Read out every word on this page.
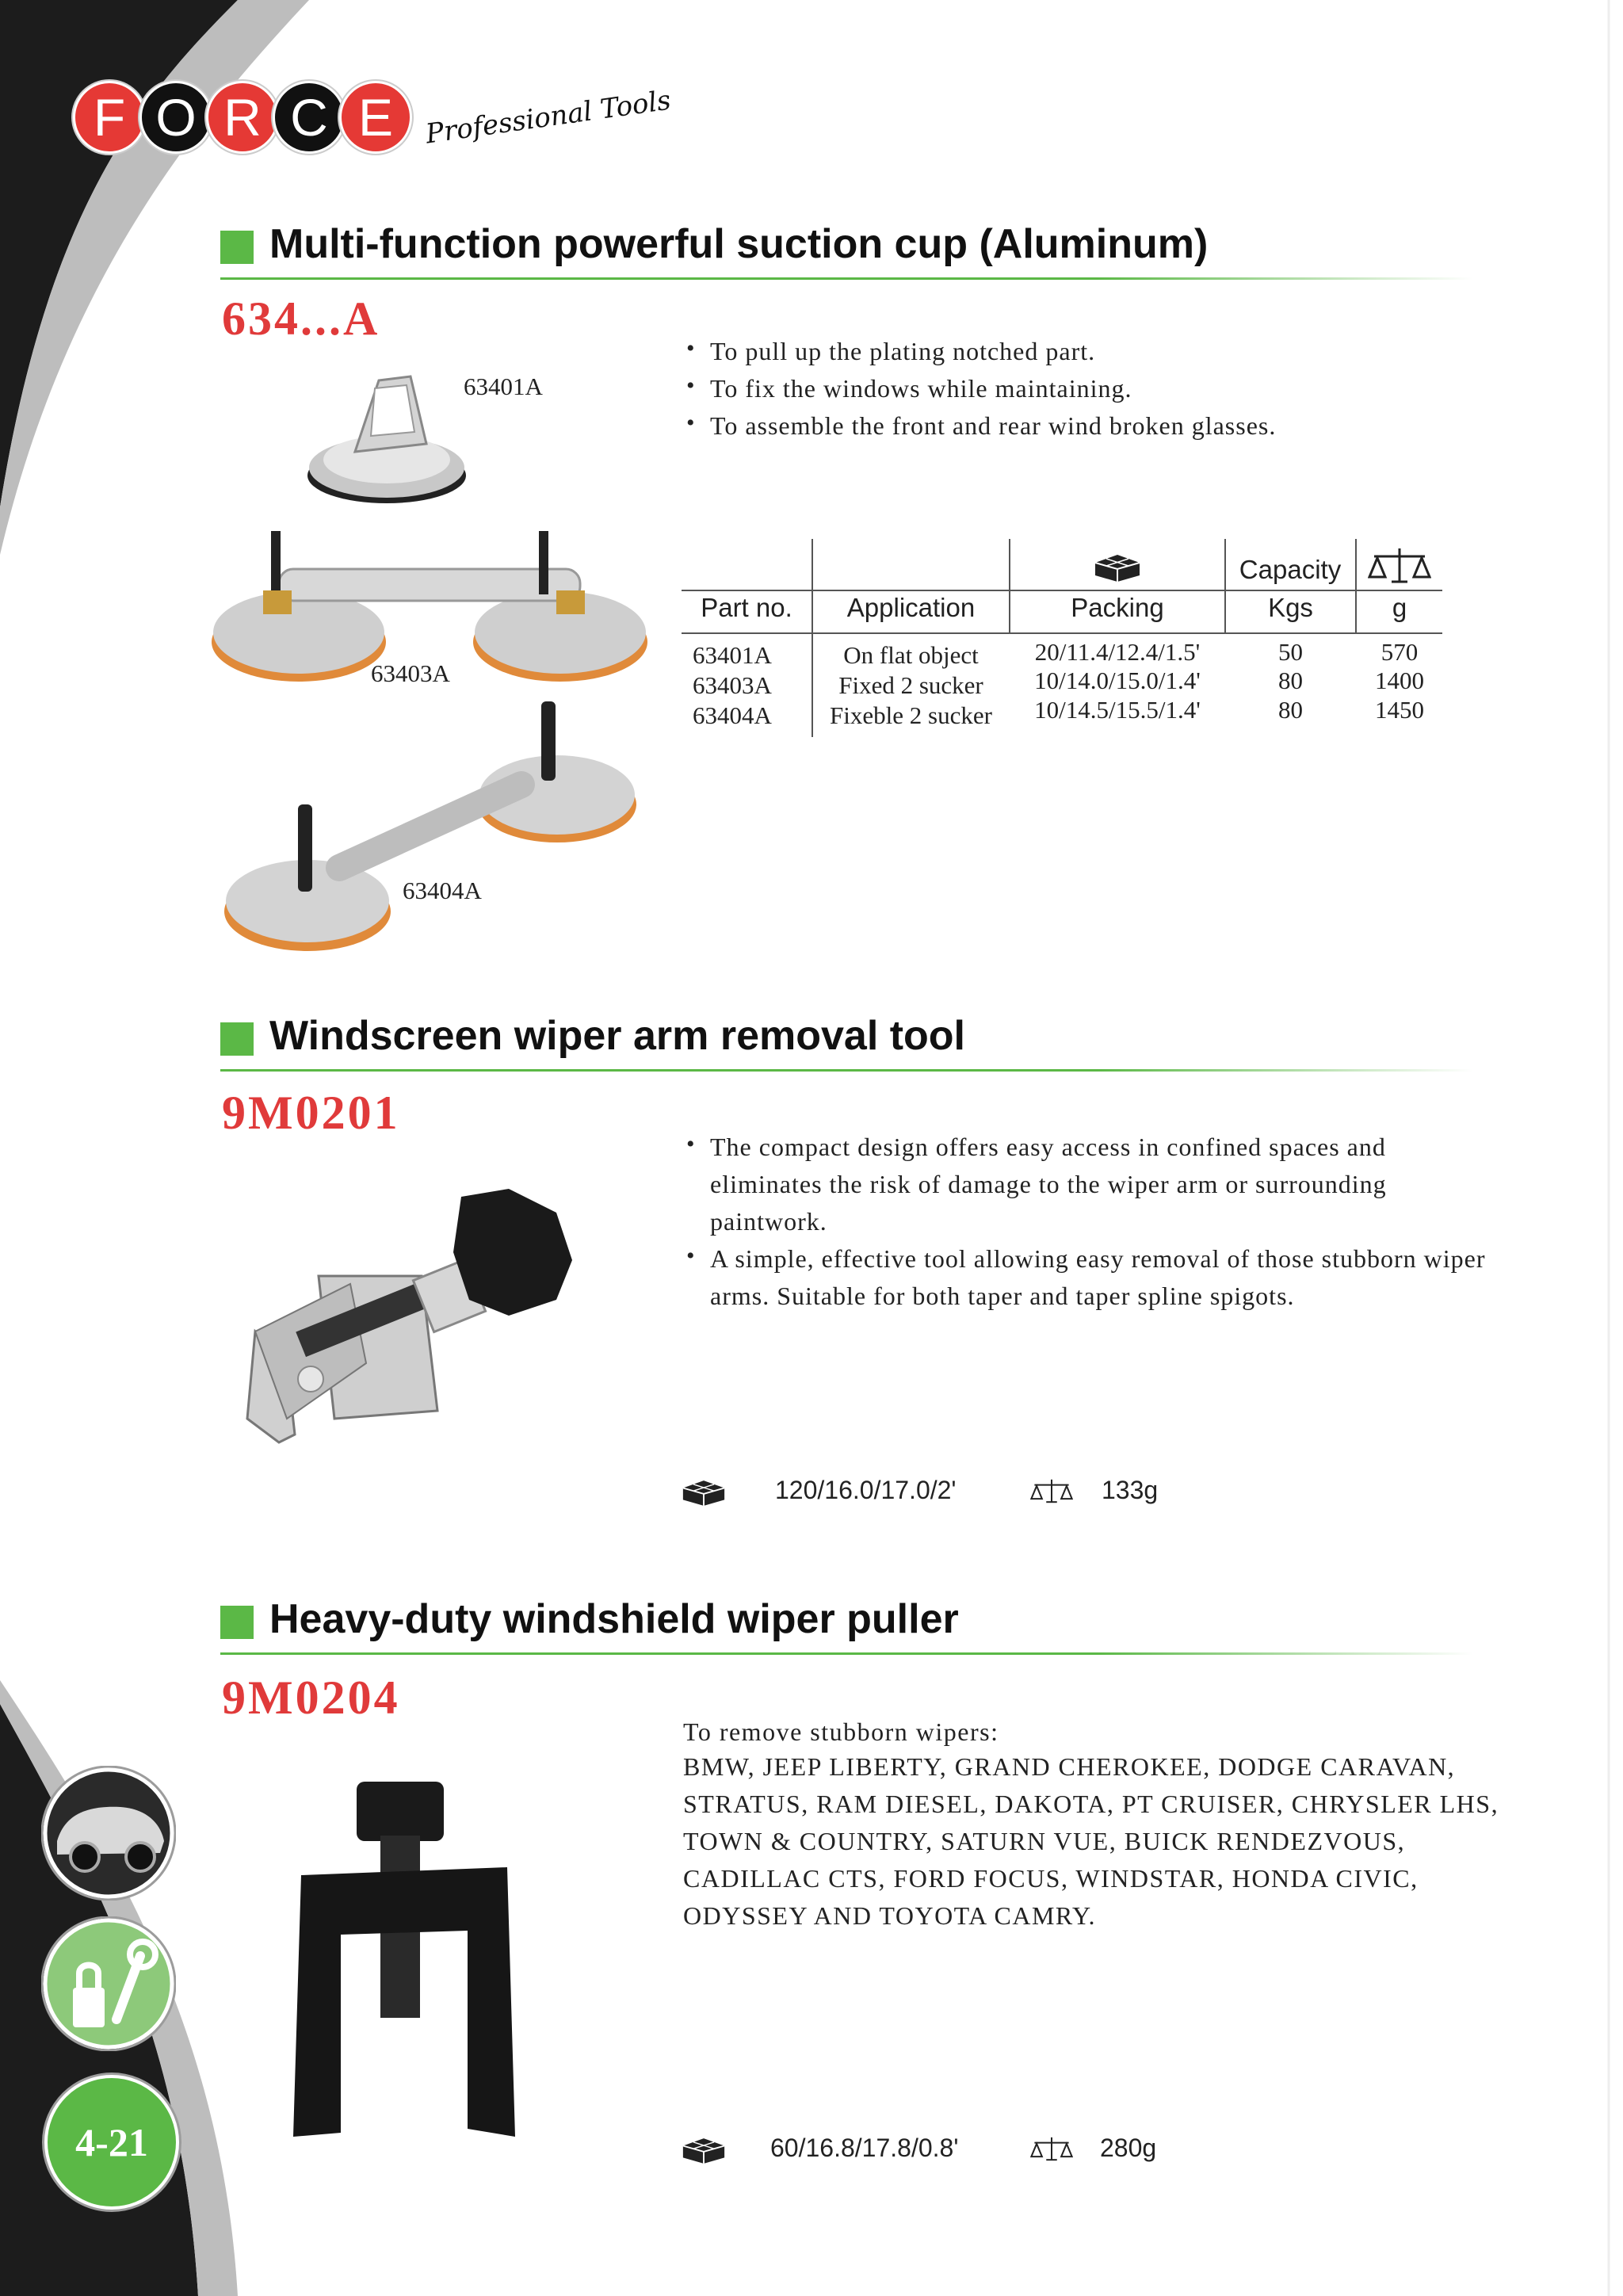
F O R C E	Professional Tools
Multi-function powerful suction cup (Aluminum)
634...A
• To pull up the plating notched part.
• To fix the windows while maintaining.
• To assemble the front and rear wind broken glasses.
63401A
63403A
63404A
Capacity
Part no.	Application	Packing	Kgs	g
63401A	On flat object	20/11.4/12.4/1.5'	50	570
63403A	Fixed 2 sucker	10/14.0/15.0/1.4'	80	1400
63404A	Fixeble 2 sucker	10/14.5/15.5/1.4'	80	1450
Windscreen wiper arm removal tool
9M0201
• The compact design offers easy access in confined spaces and eliminates the risk of damage to the wiper arm or surrounding paintwork.
• A simple, effective tool allowing easy removal of those stubborn wiper arms. Suitable for both taper and taper spline spigots.
120/16.0/17.0/2'	133g
Heavy-duty windshield wiper puller
9M0204

To remove stubborn wipers:

BMW, JEEP LIBERTY, GRAND CHEROKEE, DODGE CARAVAN, STRATUS, RAM DIESEL, DAKOTA, PT CRUISER, CHRYSLER LHS, TOWN & COUNTRY, SATURN VUE, BUICK RENDEZVOUS, CADILLAC CTS, FORD FOCUS, WINDSTAR, HONDA CIVIC, ODYSSEY AND TOYOTA CAMRY.

60/16.8/17.8/0.8'	280g
4-21
